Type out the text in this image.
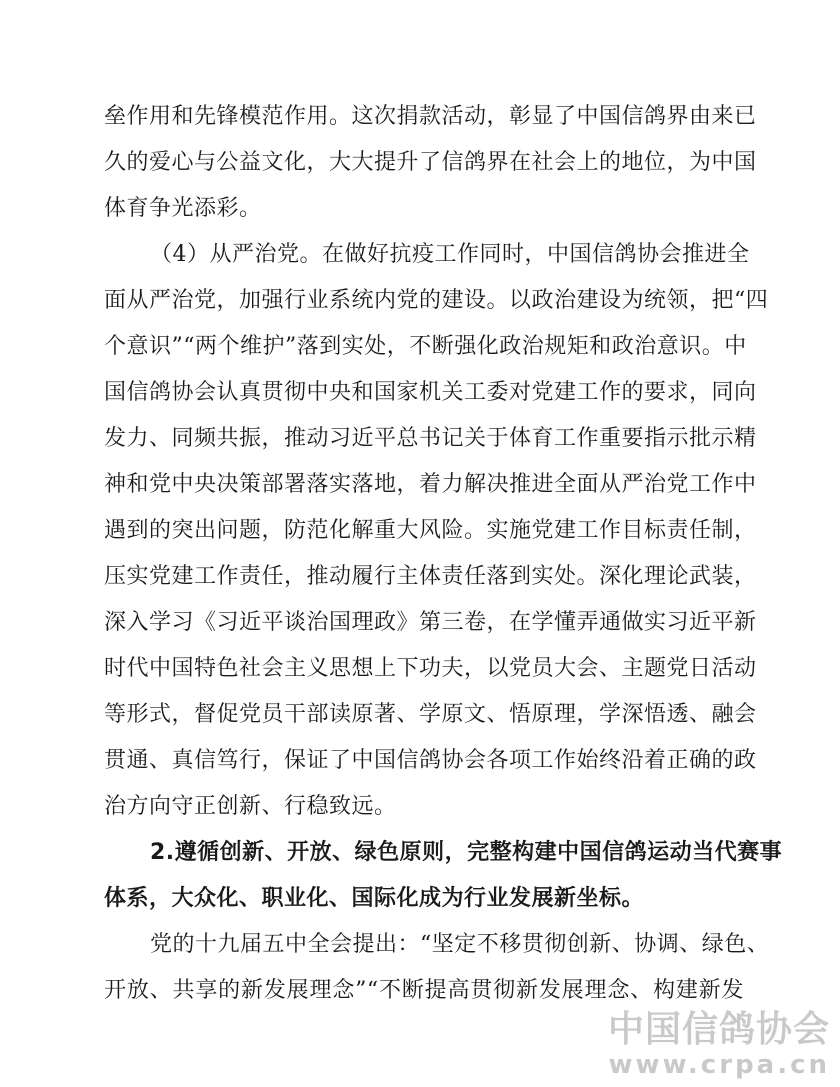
垒作用和先锋模范作用。这次捐款活动，彰显了中国信鸽界由来已
久的爱心与公益文化，大大提升了信鸽界在社会上的地位，为中国
体育争光添彩。
（4）从严治党。在做好抗疫工作同时，中国信鸽协会推进全
面从严治党，加强行业系统内党的建设。以政治建设为统领，把“四
个意识”“两个维护”落到实处，不断强化政治规矩和政治意识。中
国信鸽协会认真贯彻中央和国家机关工委对党建工作的要求，同向
发力、同频共振，推动习近平总书记关于体育工作重要指示批示精
神和党中央决策部署落实落地，着力解决推进全面从严治党工作中
遇到的突出问题，防范化解重大风险。实施党建工作目标责任制，
压实党建工作责任，推动履行主体责任落到实处。深化理论武装，
深入学习《习近平谈治国理政》第三卷，在学懂弄通做实习近平新
时代中国特色社会主义思想上下功夫，以党员大会、主题党日活动
等形式，督促党员干部读原著、学原文、悟原理，学深悟透、融会
贯通、真信笃行，保证了中国信鸽协会各项工作始终沿着正确的政
治方向守正创新、行稳致远。
2.遵循创新、开放、绿色原则，完整构建中国信鸽运动当代赛事
体系，大众化、职业化、国际化成为行业发展新坐标。
党的十九届五中全会提出：“坚定不移贯彻创新、协调、绿色、
开放、共享的新发展理念”“不断提高贯彻新发展理念、构建新发
中国信鸽协会
www.crpa.cn
